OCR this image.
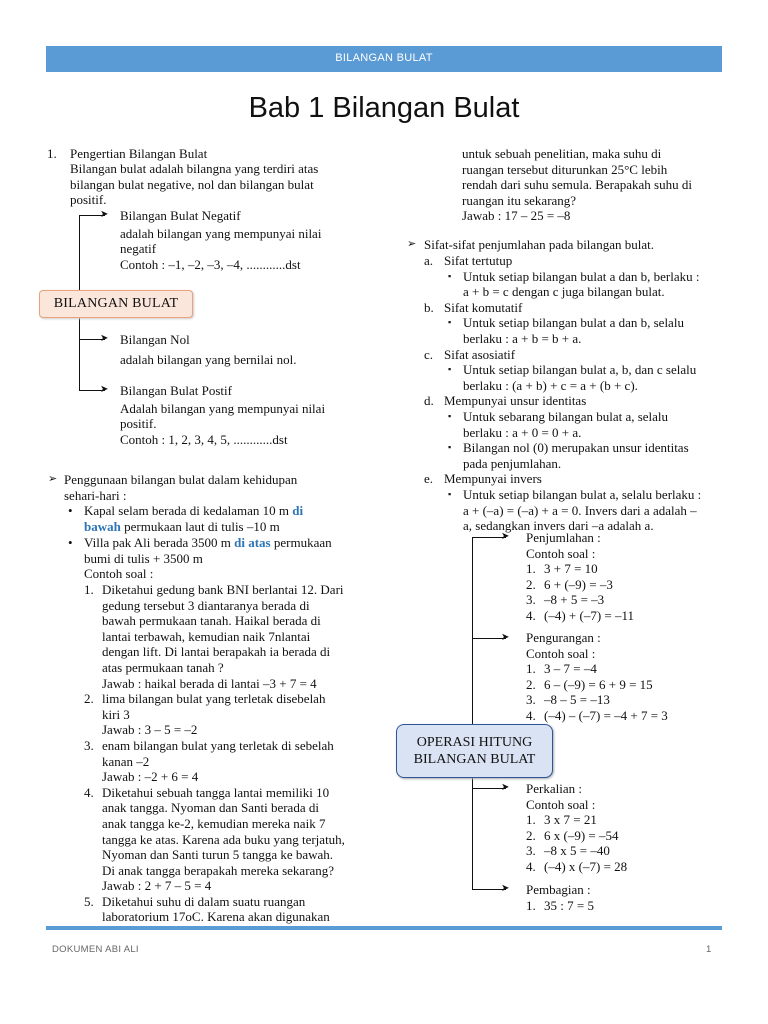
BILANGAN BULAT
Bab 1 Bilangan Bulat
1. Pengertian Bilangan Bulat
Bilangan bulat adalah bilangna yang terdiri atas
bilangan bulat negative, nol dan bilangan bulat
positif.
➤
➤
➤
BILANGAN BULAT
Bilangan Bulat Negatif
adalah bilangan yang mempunyai nilai
negatif
Contoh : –1, –2, –3, –4, ............dst
Bilangan Nol
adalah bilangan yang bernilai nol.
Bilangan Bulat Postif
Adalah bilangan yang mempunyai nilai
positif.
Contoh : 1, 2, 3, 4, 5, ............dst
➢ Penggunaan bilangan bulat dalam kehidupan
sehari-hari :
• Kapal selam berada di kedalaman 10 m di
bawah permukaan laut di tulis –10 m
• Villa pak Ali berada 3500 m di atas permukaan
bumi di tulis + 3500 m
Contoh soal :
1. Diketahui gedung bank BNI berlantai 12. Dari
gedung tersebut 3 diantaranya berada di
bawah permukaan tanah. Haikal berada di
lantai terbawah, kemudian naik 7nlantai
dengan lift. Di lantai berapakah ia berada di
atas permukaan tanah ?
Jawab : haikal berada di lantai –3 + 7 = 4
2. lima bilangan bulat yang terletak disebelah
kiri 3
Jawab : 3 – 5 = –2
3. enam bilangan bulat yang terletak di sebelah
kanan –2
Jawab : –2 + 6 = 4
4. Diketahui sebuah tangga lantai memiliki 10
anak tangga. Nyoman dan Santi berada di
anak tangga ke-2, kemudian mereka naik 7
tangga ke atas. Karena ada buku yang terjatuh,
Nyoman dan Santi turun 5 tangga ke bawah.
Di anak tangga berapakah mereka sekarang?
Jawab : 2 + 7 – 5 = 4
5. Diketahui suhu di dalam suatu ruangan
laboratorium 17oC. Karena akan digunakan
untuk sebuah penelitian, maka suhu di
ruangan tersebut diturunkan 25°C lebih
rendah dari suhu semula. Berapakah suhu di
ruangan itu sekarang?
Jawab : 17 – 25 = –8
➢ Sifat-sifat penjumlahan pada bilangan bulat.
a. Sifat tertutup
▪ Untuk setiap bilangan bulat a dan b, berlaku :
a + b = c dengan c juga bilangan bulat.
b. Sifat komutatif
▪ Untuk setiap bilangan bulat a dan b, selalu
berlaku : a + b = b + a.
c. Sifat asosiatif
▪ Untuk setiap bilangan bulat a, b, dan c selalu
berlaku : (a + b) + c = a + (b + c).
d. Mempunyai unsur identitas
▪ Untuk sebarang bilangan bulat a, selalu
berlaku : a + 0 = 0 + a.
▪ Bilangan nol (0) merupakan unsur identitas
pada penjumlahan.
e. Mempunyai invers
▪ Untuk setiap bilangan bulat a, selalu berlaku :
a + (–a) = (–a) + a = 0. Invers dari a adalah –
a, sedangkan invers dari –a adalah a.
➤
➤
➤
➤
OPERASI HITUNG
BILANGAN BULAT
Penjumlahan :
Contoh soal :
1. 3 + 7 = 10
2. 6 + (–9) = –3
3. –8 + 5 = –3
4. (–4) + (–7) = –11
Pengurangan :
Contoh soal :
1. 3 – 7 = –4
2. 6 – (–9) = 6 + 9 = 15
3. –8 – 5 = –13
4. (–4) – (–7) = –4 + 7 = 3
Perkalian :
Contoh soal :
1. 3 x 7 = 21
2. 6 x (–9) = –54
3. –8 x 5 = –40
4. (–4) x (–7) = 28
Pembagian :
1. 35 : 7 = 5
DOKUMEN ABI ALI	1
